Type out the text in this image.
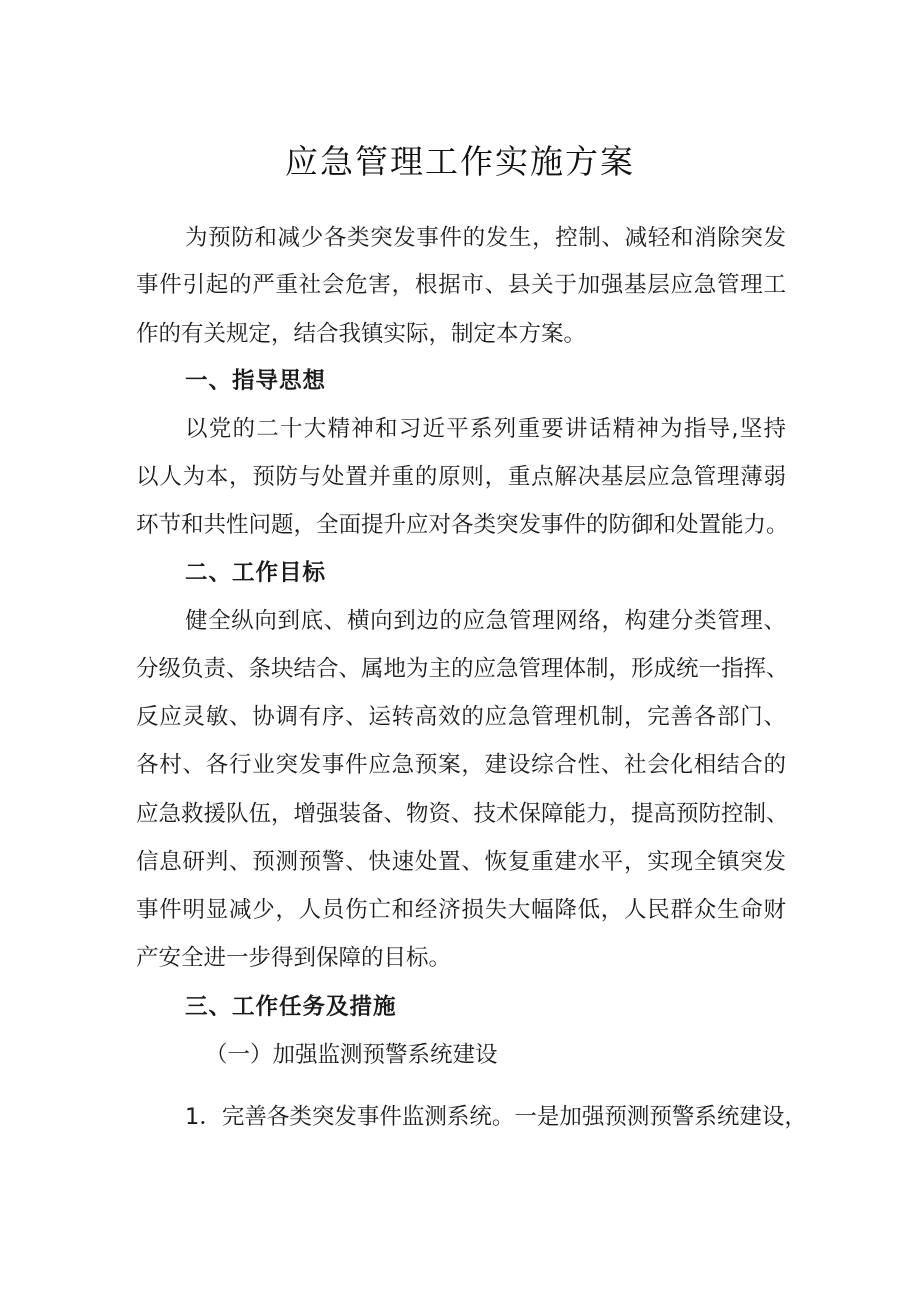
应急管理工作实施方案
为预防和减少各类突发事件的发生，控制、减轻和消除突发
事件引起的严重社会危害，根据市、县关于加强基层应急管理工
作的有关规定，结合我镇实际，制定本方案。
一、指导思想
以党的二十大精神和习近平系列重要讲话精神为指导,坚持
以人为本，预防与处置并重的原则，重点解决基层应急管理薄弱
环节和共性问题，全面提升应对各类突发事件的防御和处置能力。
二、工作目标
健全纵向到底、横向到边的应急管理网络，构建分类管理、
分级负责、条块结合、属地为主的应急管理体制，形成统一指挥、
反应灵敏、协调有序、运转高效的应急管理机制，完善各部门、
各村、各行业突发事件应急预案，建设综合性、社会化相结合的
应急救援队伍，增强装备、物资、技术保障能力，提高预防控制、
信息研判、预测预警、快速处置、恢复重建水平，实现全镇突发
事件明显减少，人员伤亡和经济损失大幅降低，人民群众生命财
产安全进一步得到保障的目标。
三、工作任务及措施
（一）加强监测预警系统建设
1．完善各类突发事件监测系统。一是加强预测预警系统建设，
